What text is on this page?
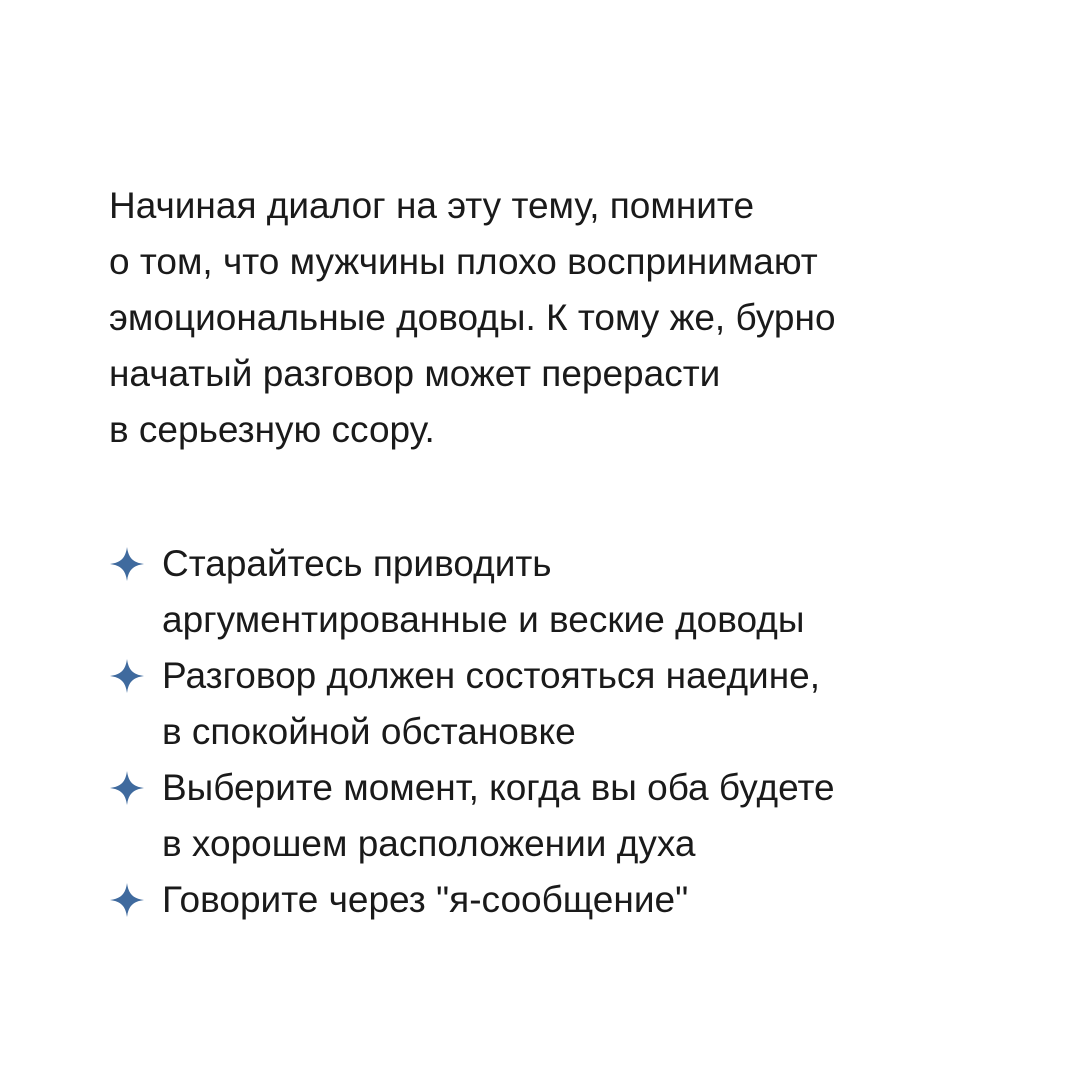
Начиная диалог на эту тему, помните
о том, что мужчины плохо воспринимают
эмоциональные доводы. К тому же, бурно
начатый разговор может перерасти
в серьезную ссору.
Старайтесь приводить
аргументированные и веские доводы
Разговор должен состояться наедине,
в спокойной обстановке
Выберите момент, когда вы оба будете
в хорошем расположении духа
Говорите через "я-сообщение"
